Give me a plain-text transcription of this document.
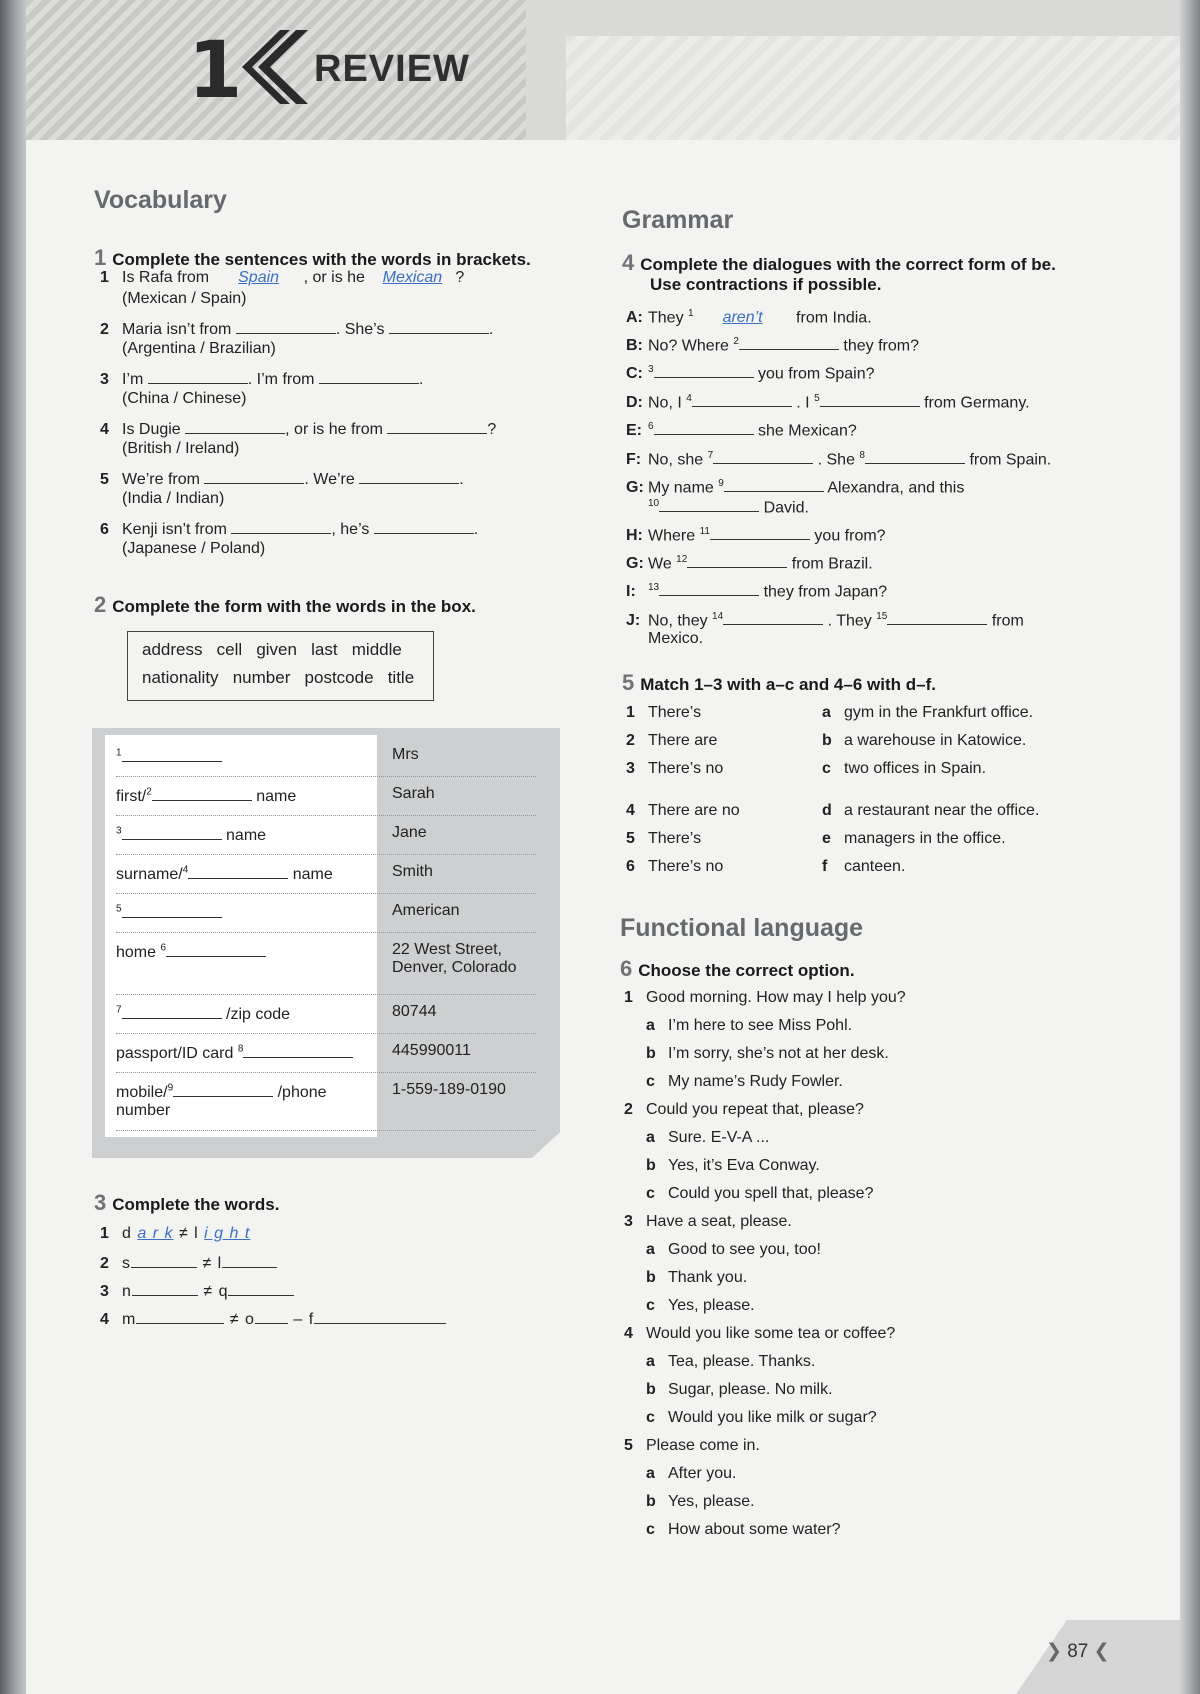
1 REVIEW
Vocabulary
1 Complete the sentences with the words in brackets.
1 Is Rafa from Spain , or is he Mexican ?
(Mexican / Spain)
2 Maria isn’t from	. She’s	.
(Argentina / Brazilian)
3 I’m	. I’m from	.
(China / Chinese)
4 Is Dugie	, or is he from	?
(British / Ireland)
5 We’re from	. We’re	.
(India / Indian)
6 Kenji isn’t from	, he’s	.
(Japanese / Poland)
2 Complete the form with the words in the box.
address   cell   given   last   middle
nationality   number   postcode   title
$^1$	Mrs
first/$^2$	name	Sarah
$^3$	name	Jane
surname/$^4$	name	Smith
$^5$	American
home $^6$	22 West Street,
Denver, Colorado
$^7$	/zip code	80744
passport/ID card $^8$	445990011
mobile/$^9$	/phone
number
1-559-189-0190
3 Complete the words.
1 d a r k ≠ l i g h t
2 s	≠ l
3 n	≠ q
4 m	≠ o – f
Grammar
4 Complete the dialogues with the correct form of be.
Use contractions if possible.
A: They $^1$ aren’t from India.
B: No? Where $^2$	they from?
C: $^3$	you from Spain?
D: No, I $^4$	. I $^5$	from Germany.
E: $^6$	she Mexican?
F: No, she $^7$	. She $^8$	from Spain.
G: My name $^9$	Alexandra, and this
$^{10}$	David.
H: Where $^{11}$	you from?
G: We $^{12}$	from Brazil.
I: $^{13}$	they from Japan?
J: No, they $^{14}$	. They $^{15}$	from
Mexico.
5 Match 1–3 with a–c and 4–6 with d–f.
1 There’s	a gym in the Frankfurt office.
2 There are	b a warehouse in Katowice.
3 There’s no	c two offices in Spain.
4 There are no	d a restaurant near the office.
5 There’s	e managers in the office.
6 There’s no	f canteen.
Functional language
6 Choose the correct option.
1 Good morning. How may I help you?
a I’m here to see Miss Pohl.
b I’m sorry, she’s not at her desk.
c My name’s Rudy Fowler.
2 Could you repeat that, please?
a Sure. E-V-A ...
b Yes, it’s Eva Conway.
c Could you spell that, please?
3 Have a seat, please.
a Good to see you, too!
b Thank you.
c Yes, please.
4 Would you like some tea or coffee?
a Tea, please. Thanks.
b Sugar, please. No milk.
c Would you like milk or sugar?
5 Please come in.
a After you.
b Yes, please.
c How about some water?
❯ 87 ❮
